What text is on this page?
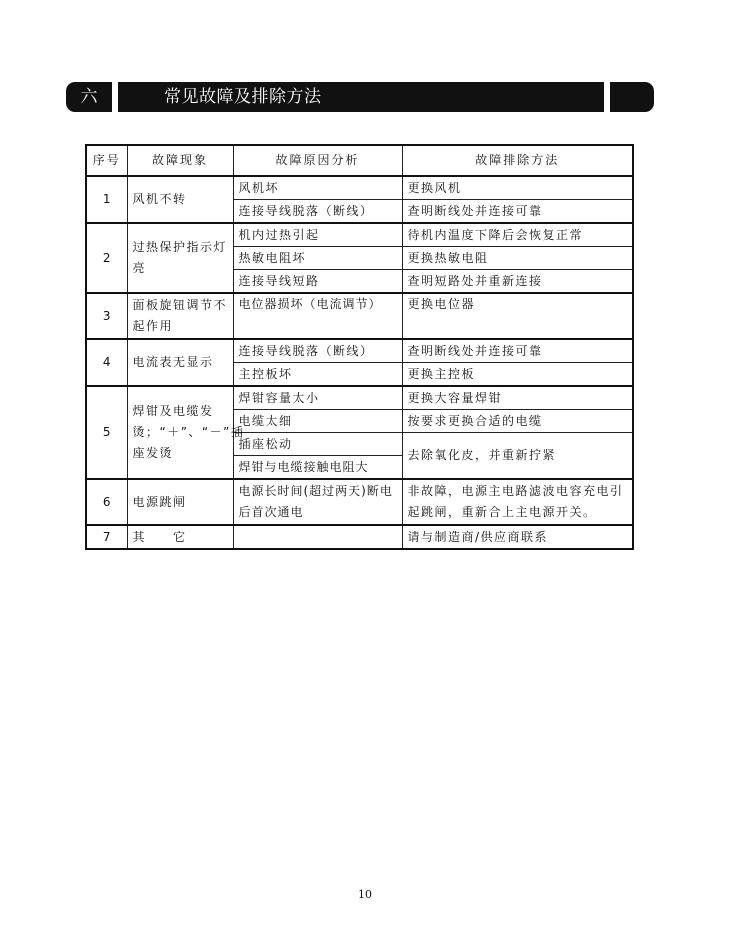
六	常见故障及排除方法
序号	故障现象	故障原因分析	故障排除方法
1	风机不转	风机坏	更换风机
		连接导线脱落（断线）	查明断线处并连接可靠
2	过热保护指示灯亮	机内过热引起	待机内温度下降后会恢复正常
		热敏电阻坏	更换热敏电阻
		连接导线短路	查明短路处并重新连接
3	面板旋钮调节不起作用	电位器损坏（电流调节）	更换电位器
4	电流表无显示	连接导线脱落（断线）	查明断线处并连接可靠
		主控板坏	更换主控板
5	焊钳及电缆发烫；“＋”、“－”插座发烫	焊钳容量太小	更换大容量焊钳
		电缆太细	按要求更换合适的电缆
		插座松动	去除氧化皮，并重新拧紧
		焊钳与电缆接触电阻大	
6	电源跳闸	电源长时间(超过两天)断电后首次通电	非故障，电源主电路滤波电容充电引起跳闸，重新合上主电源开关。
7	其　　它		请与制造商/供应商联系
10
